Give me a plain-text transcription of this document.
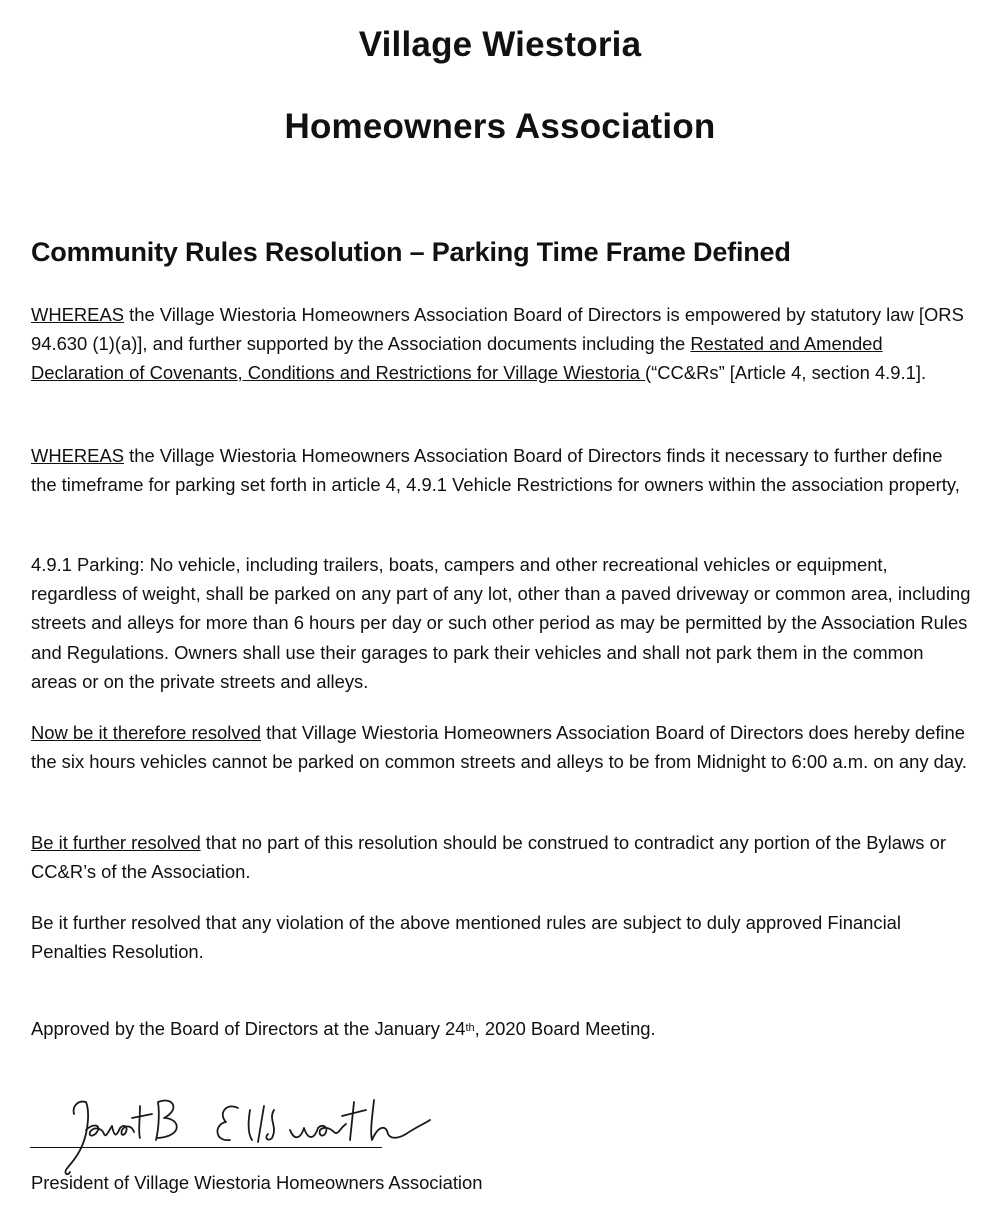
Village Wiestoria
Homeowners Association
Community Rules Resolution – Parking Time Frame Defined

WHEREAS the Village Wiestoria Homeowners Association Board of Directors is empowered by statutory law [ORS 94.630 (1)(a)], and further supported by the Association documents including the Restated and Amended Declaration of Covenants, Conditions and Restrictions for Village Wiestoria (“CC&Rs” [Article 4, section 4.9.1].

WHEREAS the Village Wiestoria Homeowners Association Board of Directors finds it necessary to further define the timeframe for parking set forth in article 4, 4.9.1 Vehicle Restrictions for owners within the association property,

4.9.1 Parking: No vehicle, including trailers, boats, campers and other recreational vehicles or equipment, regardless of weight, shall be parked on any part of any lot, other than a paved driveway or common area, including streets and alleys for more than 6 hours per day or such other period as may be permitted by the Association Rules and Regulations. Owners shall use their garages to park their vehicles and shall not park them in the common areas or on the private streets and alleys.

Now be it therefore resolved that Village Wiestoria Homeowners Association Board of Directors does hereby define the six hours vehicles cannot be parked on common streets and alleys to be from Midnight to 6:00 a.m. on any day.

Be it further resolved that no part of this resolution should be construed to contradict any portion of the Bylaws or CC&R’s of the Association.

Be it further resolved that any violation of the above mentioned rules are subject to duly approved Financial Penalties Resolution.

Approved by the Board of Directors at the January 24th, 2020 Board Meeting.

President of Village Wiestoria Homeowners Association
